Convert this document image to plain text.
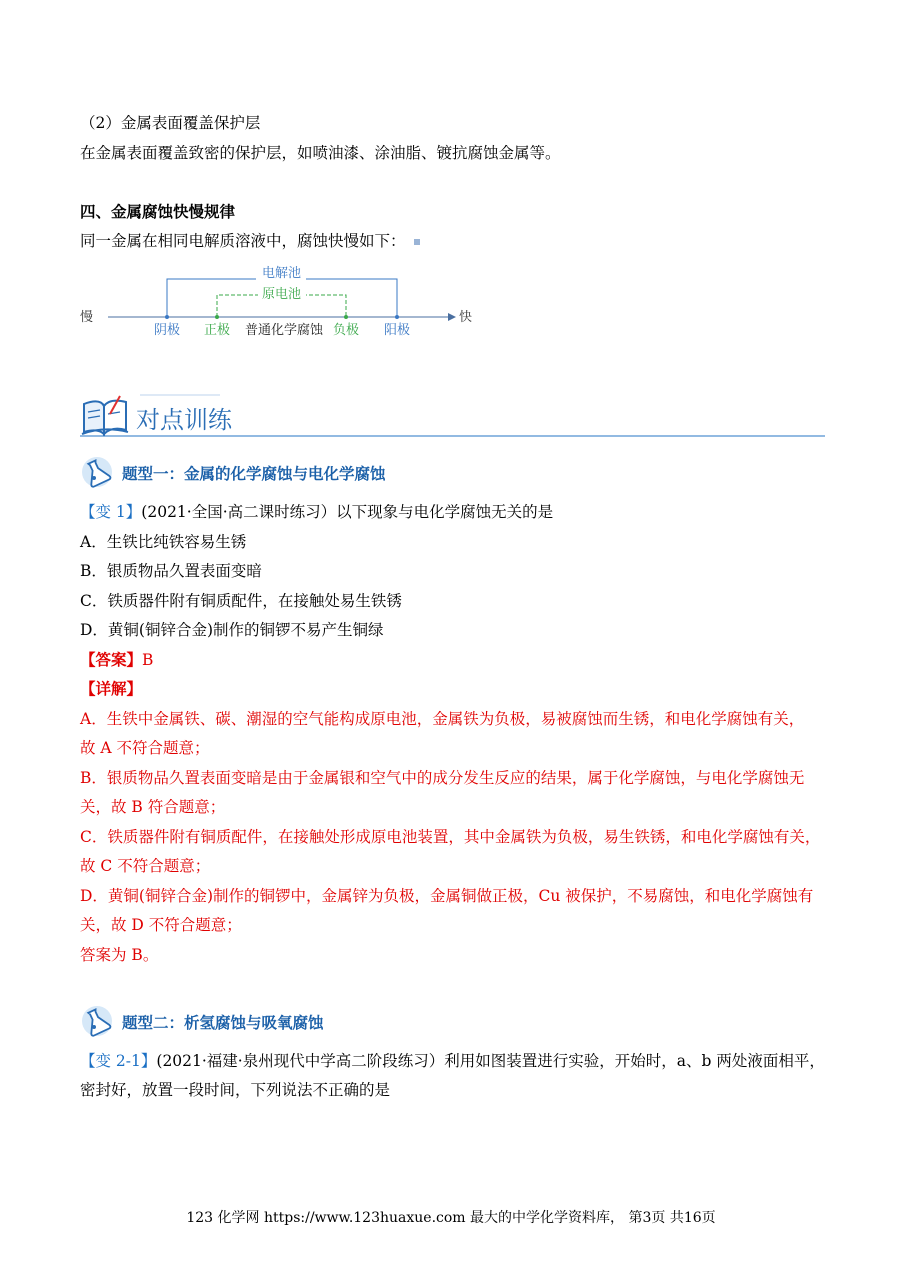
（2）金属表面覆盖保护层
在金属表面覆盖致密的保护层，如喷油漆、涂油脂、镀抗腐蚀金属等。
四、金属腐蚀快慢规律
同一金属在相同电解质溶液中，腐蚀快慢如下：
慢	快
电解池
原电池
阴极 正极 普通化学腐蚀 负极 阳极
对点训练
题型一：金属的化学腐蚀与电化学腐蚀
【变 1】(2021·全国·高二课时练习）以下现象与电化学腐蚀无关的是
A．生铁比纯铁容易生锈
B．银质物品久置表面变暗
C．铁质器件附有铜质配件，在接触处易生铁锈
D．黄铜(铜锌合金)制作的铜锣不易产生铜绿
【答案】B
【详解】
A．生铁中金属铁、碳、潮湿的空气能构成原电池，金属铁为负极，易被腐蚀而生锈，和电化学腐蚀有关，
故 A 不符合题意；
B．银质物品久置表面变暗是由于金属银和空气中的成分发生反应的结果，属于化学腐蚀，与电化学腐蚀无
关，故 B 符合题意；
C．铁质器件附有铜质配件，在接触处形成原电池装置，其中金属铁为负极，易生铁锈，和电化学腐蚀有关，
故 C 不符合题意；
D．黄铜(铜锌合金)制作的铜锣中，金属锌为负极，金属铜做正极，Cu 被保护，不易腐蚀，和电化学腐蚀有
关，故 D 不符合题意；
答案为 B。
题型二：析氢腐蚀与吸氧腐蚀
【变 2-1】(2021·福建·泉州现代中学高二阶段练习）利用如图装置进行实验，开始时，a、b 两处液面相平，
密封好，放置一段时间，下列说法不正确的是
123 化学网 https://www.123huaxue.com 最大的中学化学资料库， 第3页 共16页
